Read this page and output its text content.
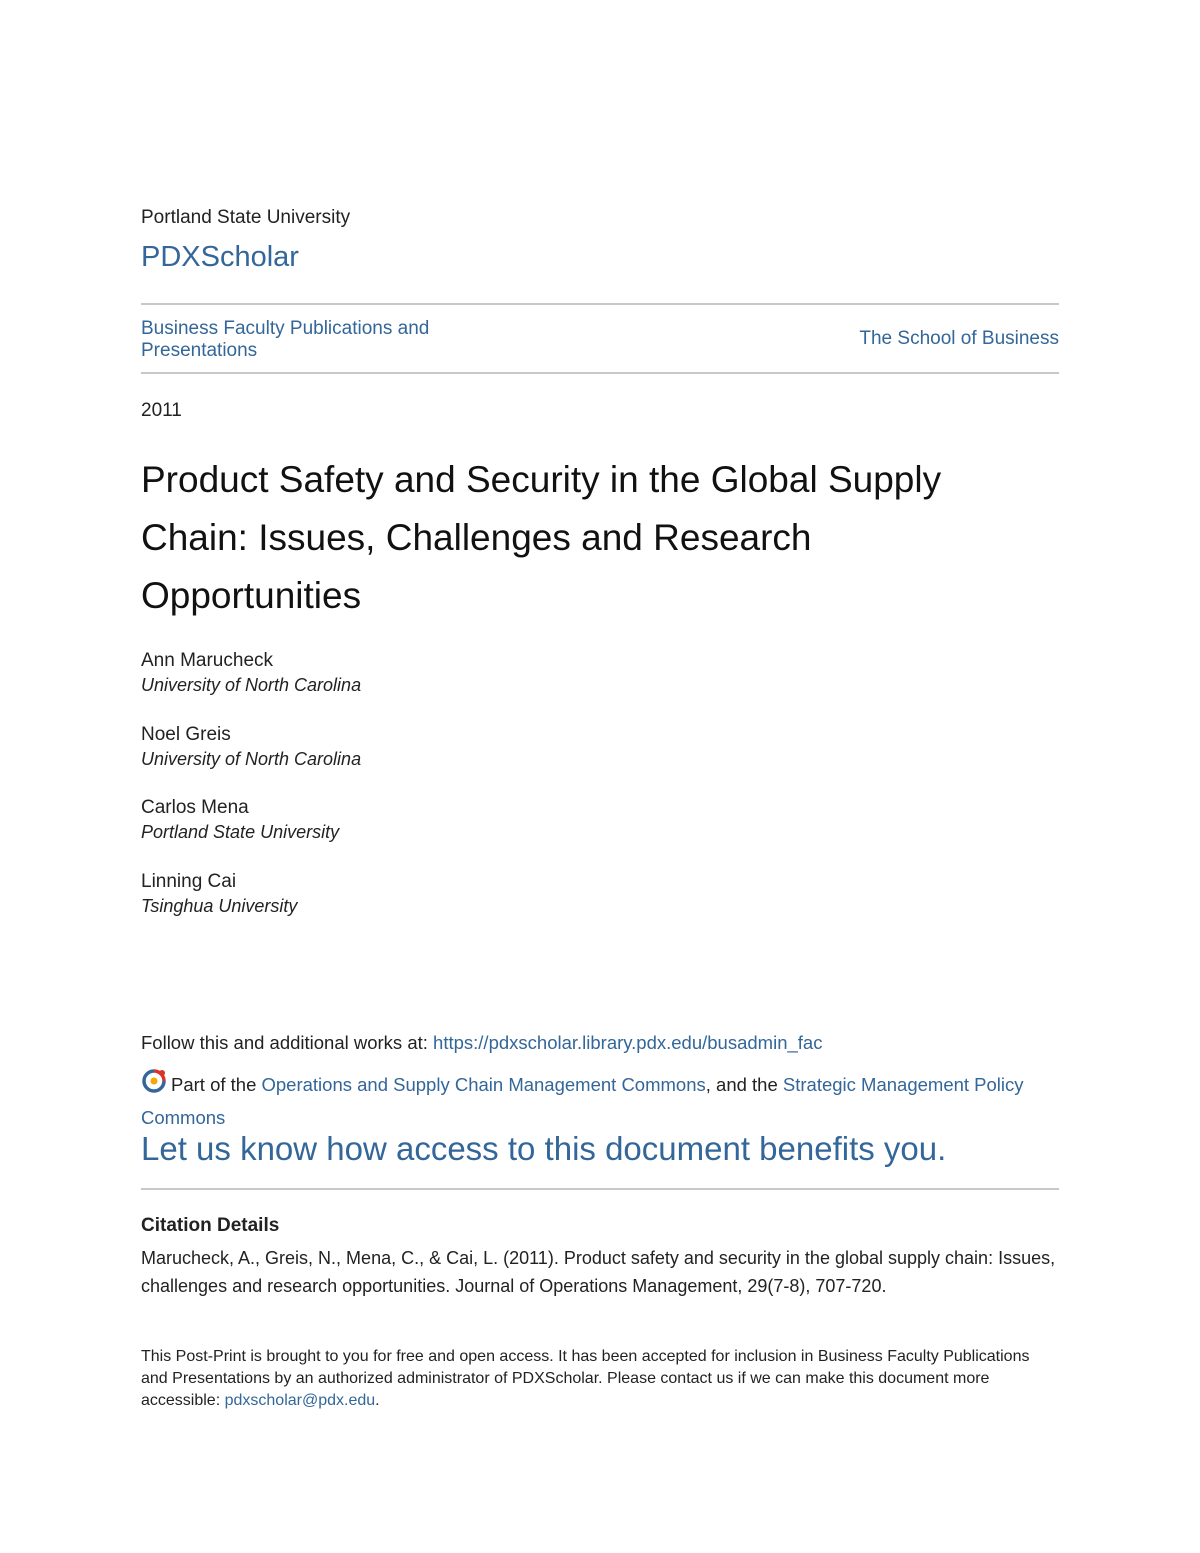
Portland State University
PDXScholar
Business Faculty Publications and Presentations
The School of Business
2011
Product Safety and Security in the Global Supply Chain: Issues, Challenges and Research Opportunities
Ann Marucheck
University of North Carolina
Noel Greis
University of North Carolina
Carlos Mena
Portland State University
Linning Cai
Tsinghua University
Follow this and additional works at: https://pdxscholar.library.pdx.edu/busadmin_fac
Part of the Operations and Supply Chain Management Commons, and the Strategic Management Policy Commons
Let us know how access to this document benefits you.
Citation Details
Marucheck, A., Greis, N., Mena, C., & Cai, L. (2011). Product safety and security in the global supply chain: Issues, challenges and research opportunities. Journal of Operations Management, 29(7-8), 707-720.
This Post-Print is brought to you for free and open access. It has been accepted for inclusion in Business Faculty Publications and Presentations by an authorized administrator of PDXScholar. Please contact us if we can make this document more accessible: pdxscholar@pdx.edu.
